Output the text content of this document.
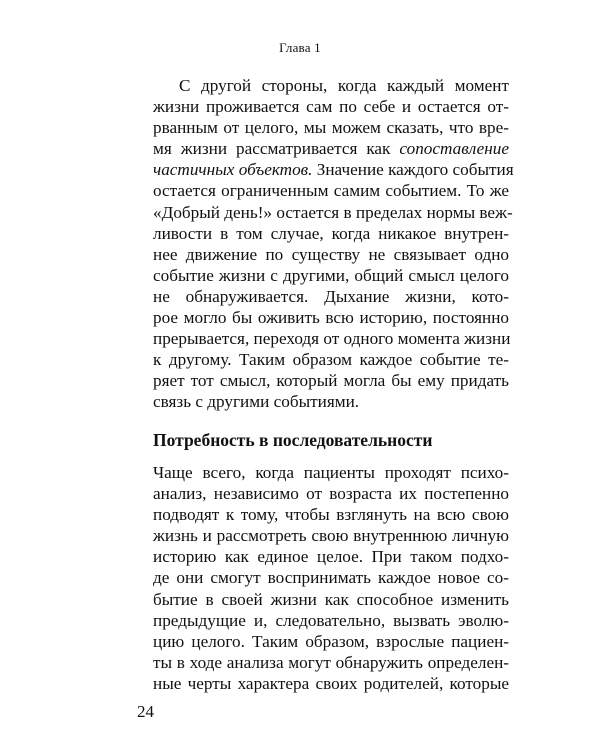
Глава 1
С другой стороны, когда каждый момент
жизни проживается сам по себе и остается от-
рванным от целого, мы можем сказать, что вре-
мя жизни рассматривается как сопоставление
частичных объектов. Значение каждого события
остается ограниченным самим событием. То же
«Добрый день!» остается в пределах нормы веж-
ливости в том случае, когда никакое внутрен-
нее движение по существу не связывает одно
событие жизни с другими, общий смысл целого
не обнаруживается. Дыхание жизни, кото-
рое могло бы оживить всю историю, постоянно
прерывается, переходя от одного момента жизни
к другому. Таким образом каждое событие те-
ряет тот смысл, который могла бы ему придать
связь с другими событиями.
Потребность в последовательности
Чаще всего, когда пациенты проходят психо-
анализ, независимо от возраста их постепенно
подводят к тому, чтобы взглянуть на всю свою
жизнь и рассмотреть свою внутреннюю личную
историю как единое целое. При таком подхо-
де они смогут воспринимать каждое новое со-
бытие в своей жизни как способное изменить
предыдущие и, следовательно, вызвать эволю-
цию целого. Таким образом, взрослые пациен-
ты в ходе анализа могут обнаружить определен-
ные черты характера своих родителей, которые
24
